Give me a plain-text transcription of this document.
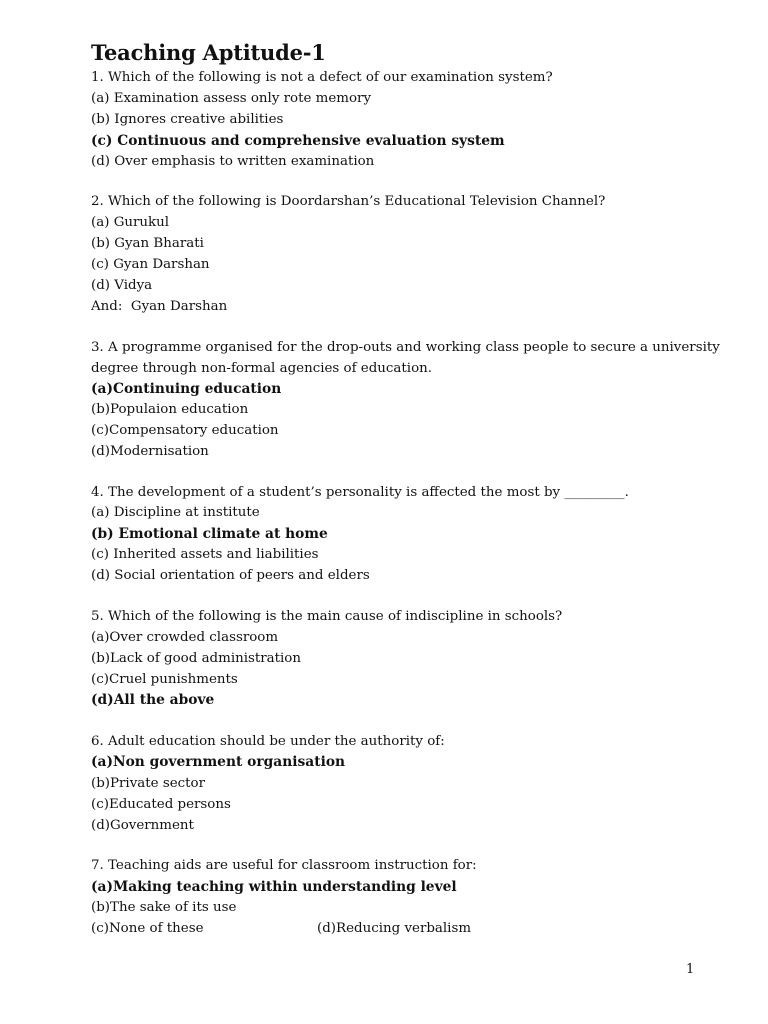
Teaching Aptitude-1
1. Which of the following is not a defect of our examination system?
(a) Examination assess only rote memory
(b) Ignores creative abilities
(c) Continuous and comprehensive evaluation system
(d) Over emphasis to written examination
2. Which of the following is Doordarshan’s Educational Television Channel?
(a) Gurukul
(b) Gyan Bharati
(c) Gyan Darshan
(d) Vidya
And:  Gyan Darshan
3. A programme organised for the drop-outs and working class people to secure a university
degree through non-formal agencies of education.
(a)Continuing education
(b)Populaion education
(c)Compensatory education
(d)Modernisation
4. The development of a student’s personality is affected the most by _________.
(a) Discipline at institute
(b) Emotional climate at home
(c) Inherited assets and liabilities
(d) Social orientation of peers and elders
5. Which of the following is the main cause of indiscipline in schools?
(a)Over crowded classroom
(b)Lack of good administration
(c)Cruel punishments
(d)All the above
6. Adult education should be under the authority of:
(a)Non government organisation
(b)Private sector
(c)Educated persons
(d)Government
7. Teaching aids are useful for classroom instruction for:
(a)Making teaching within understanding level
(b)The sake of its use
(c)None of these	(d)Reducing verbalism
1
